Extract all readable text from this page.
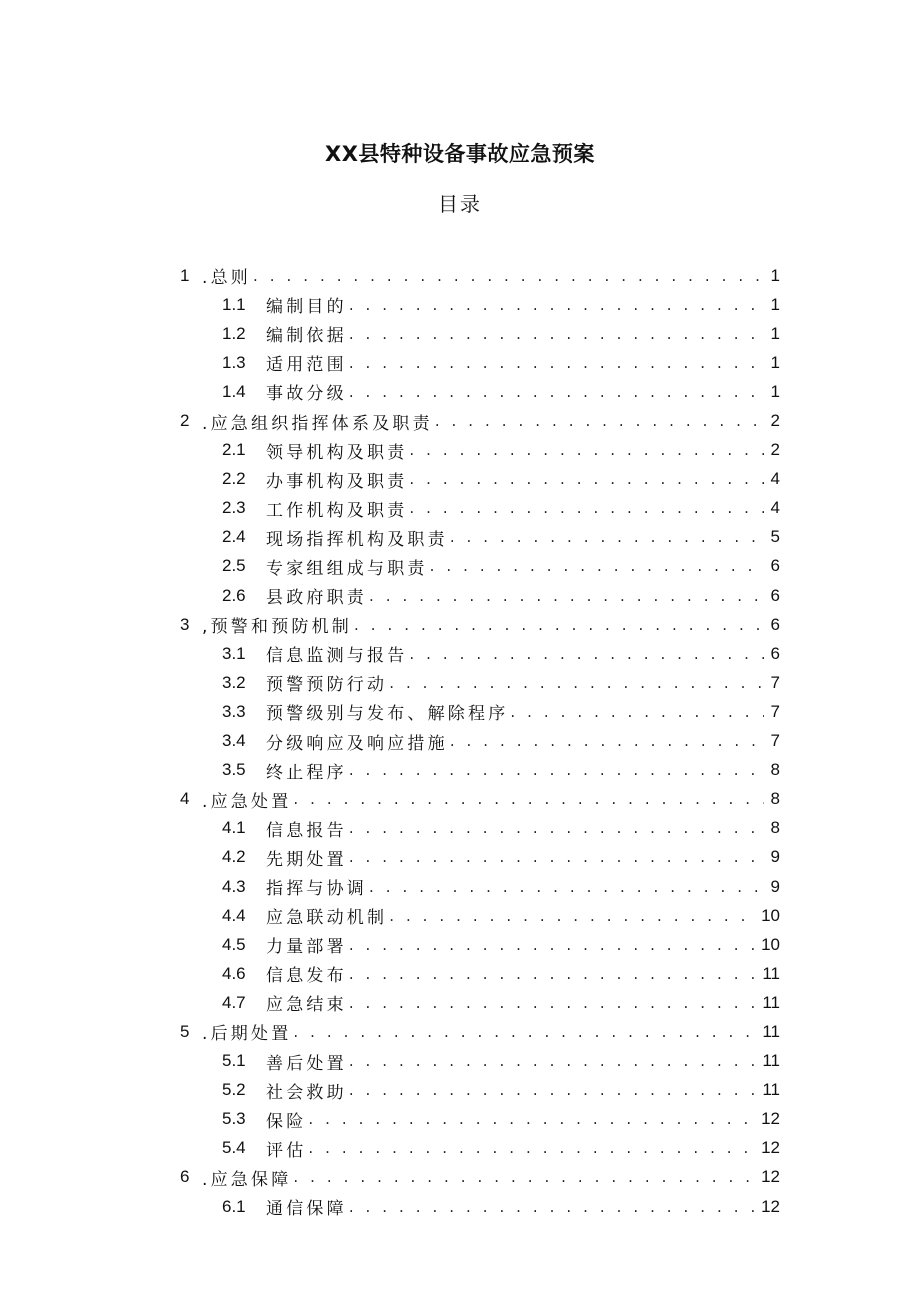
XX县特种设备事故应急预案
目录
1 .总则 . . .	1
1.1	编制目的 . . .	1
1.2	编制依据 . . .	1
1.3	适用范围 . . .	1
1.4	事故分级 . . .	1
2 .应急组织指挥体系及职责 . . .	2
2.1	领导机构及职责 . . .	2
2.2	办事机构及职责 . . .	4
2.3	工作机构及职责 . . .	4
2.4	现场指挥机构及职责 . . .	5
2.5	专家组组成与职责 . . .	6
2.6	县政府职责 . . .	6
3 ,预警和预防机制 . . .	6
3.1	信息监测与报告 . . .	6
3.2	预警预防行动 . . .	7
3.3	预警级别与发布、解除程序 . . .	7
3.4	分级响应及响应措施 . . .	7
3.5	终止程序 . . .	8
4 .应急处置 . . .	8
4.1	信息报告 . . .	8
4.2	先期处置 . . .	9
4.3	指挥与协调 . . .	9
4.4	应急联动机制 . . .	10
4.5	力量部署 . . .	10
4.6	信息发布 . . .	11
4.7	应急结束 . . .	11
5 .后期处置 . . .	11
5.1	善后处置 . . .	11
5.2	社会救助 . . .	11
5.3	保险 . . .	12
5.4	评估 . . .	12
6 .应急保障 . . .	12
6.1	通信保障 . . .	12
